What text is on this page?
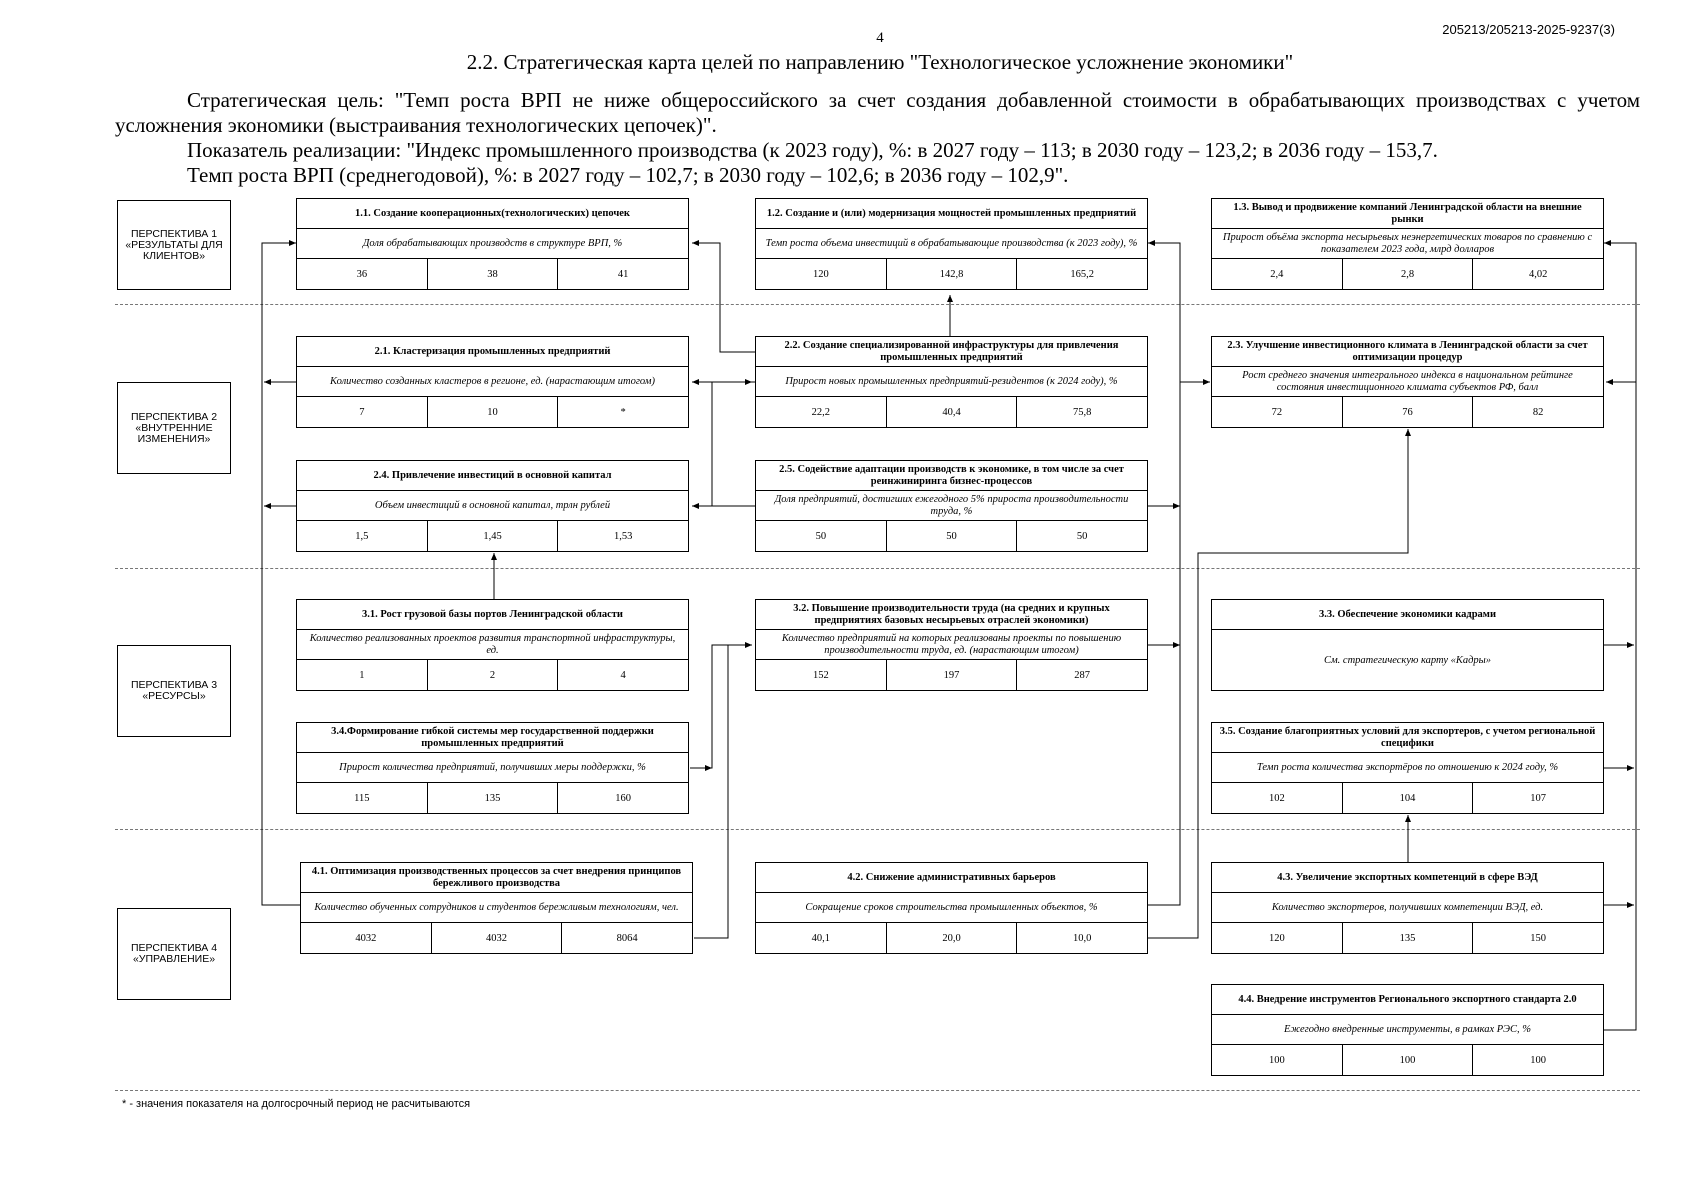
4
205213/205213-2025-9237(3)
2.2. Стратегическая карта целей по направлению "Технологическое усложнение экономики"

Стратегическая цель: "Темп роста ВРП не ниже общероссийского за счет создания добавленной стоимости в обрабатывающих производствах с учетом усложнения экономики (выстраивания технологических цепочек)".

Показатель реализации: "Индекс промышленного производства (к 2023 году), %: в 2027 году – 113; в 2030 году – 123,2; в 2036 году – 153,7.

Темп роста ВРП (среднегодовой), %: в 2027 году – 102,7; в 2030 году – 102,6; в 2036 году – 102,9".

ПЕРСПЕКТИВА 1 «РЕЗУЛЬТАТЫ ДЛЯ КЛИЕНТОВ»
ПЕРСПЕКТИВА 2 «ВНУТРЕННИЕ ИЗМЕНЕНИЯ»
ПЕРСПЕКТИВА 3 «РЕСУРСЫ»
ПЕРСПЕКТИВА 4 «УПРАВЛЕНИЕ»
1.1. Создание кооперационных(технологических) цепочек
Доля обрабатывающих производств в структуре ВРП, %
36	38	41
2.1. Кластеризация промышленных предприятий
Количество созданных кластеров в регионе, ед. (нарастающим итогом)
7	10	*
2.4. Привлечение инвестиций в основной капитал
Объем инвестиций в основной капитал, трлн рублей
1,5	1,45	1,53
3.1. Рост грузовой базы портов Ленинградской области
Количество реализованных проектов развития транспортной инфраструктуры, ед.
1	2	4
3.4.Формирование гибкой системы мер государственной поддержки промышленных предприятий
Прирост количества предприятий, получивших меры поддержки, %
115	135	160
4.1. Оптимизация производственных процессов за счет внедрения принципов бережливого производства
Количество обученных сотрудников и студентов бережливым технологиям, чел.
4032	4032	8064
1.2. Создание и (или) модернизация мощностей промышленных предприятий
Темп роста объема инвестиций в обрабатывающие производства (к 2023 году), %
120	142,8	165,2
2.2. Создание специализированной инфраструктуры для привлечения промышленных предприятий
Прирост новых промышленных предприятий-резидентов (к 2024 году), %
22,2	40,4	75,8
2.5. Содействие адаптации производств к экономике, в том числе за счет реинжиниринга бизнес-процессов
Доля предприятий, достигших ежегодного 5% прироста производительности труда, %
50	50	50
3.2. Повышение производительности труда (на средних и крупных предприятиях базовых несырьевых отраслей экономики)
Количество предприятий на которых реализованы проекты по повышению производительности труда, ед. (нарастающим итогом)
152	197	287
4.2. Снижение административных барьеров
Сокращение сроков строительства промышленных объектов, %
40,1	20,0	10,0
1.3. Вывод и продвижение компаний Ленинградской области на внешние рынки
Прирост объёма экспорта несырьевых неэнергетических товаров по сравнению с показателем 2023 года, млрд долларов
2,4	2,8	4,02
2.3. Улучшение инвестиционного климата в Ленинградской области за счет оптимизации процедур
Рост среднего значения интегрального индекса в национальном рейтинге состояния инвестиционного климата субъектов РФ, балл
72	76	82
3.3. Обеспечение экономики кадрами
См. стратегическую карту «Кадры»
3.5. Создание благоприятных условий для экспортеров, с учетом региональной специфики
Темп роста количества экспортёров по отношению к 2024 году, %
102	104	107
4.3. Увеличение экспортных компетенций в сфере ВЭД
Количество экспортеров, получивших компетенции ВЭД, ед.
120	135	150
4.4. Внедрение инструментов Регионального экспортного стандарта 2.0
Ежегодно внедренные инструменты, в рамках РЭС, %
100	100	100
* - значения показателя на долгосрочный период не расчитываются
